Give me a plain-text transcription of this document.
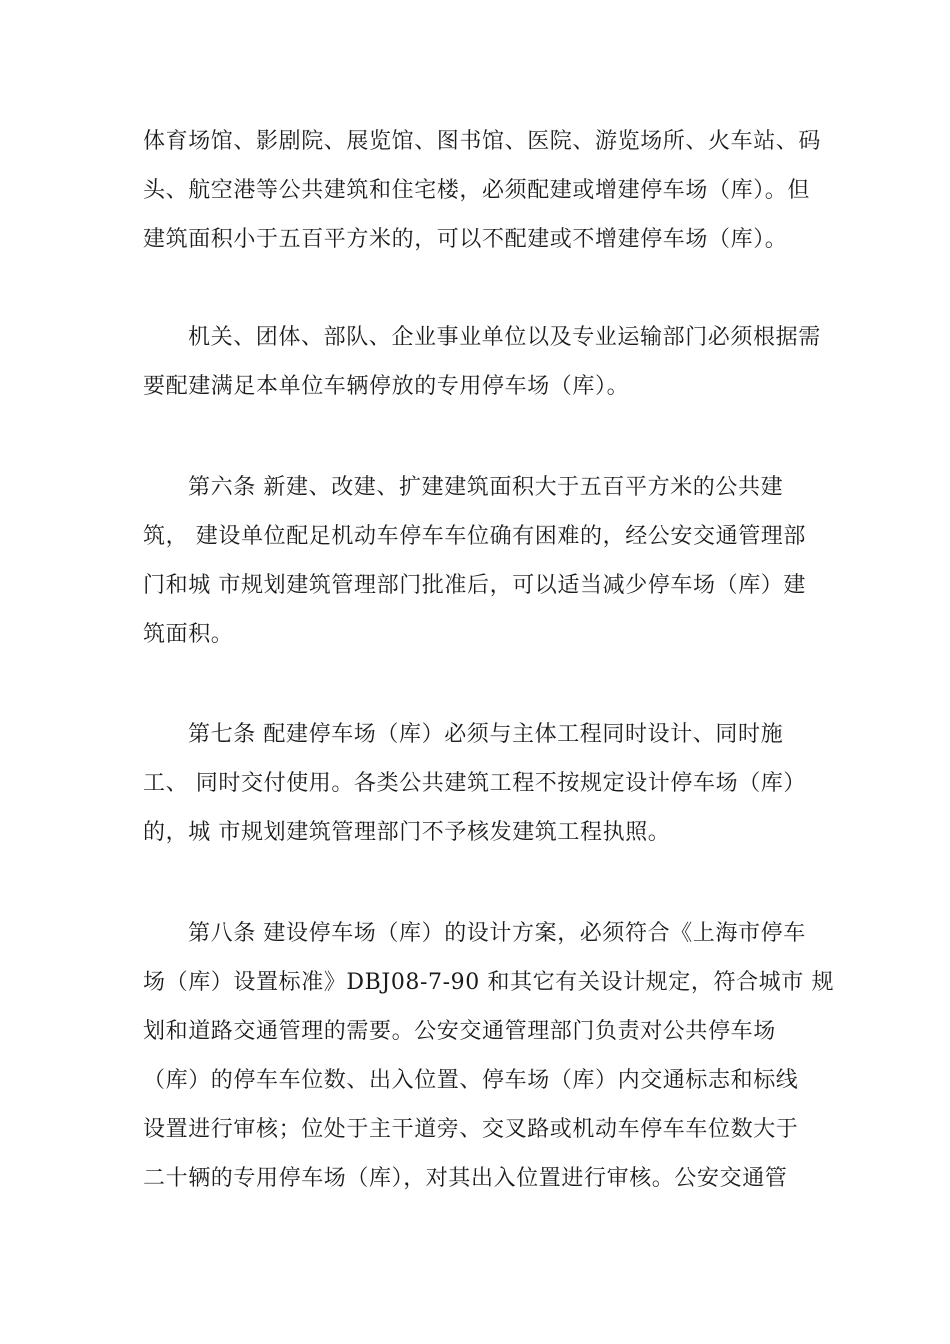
体育场馆、影剧院、展览馆、图书馆、医院、游览场所、火车站、码
头、航空港等公共建筑和住宅楼，必须配建或增建停车场（库）。但
建筑面积小于五百平方米的，可以不配建或不增建停车场（库）。
机关、团体、部队、企业事业单位以及专业运输部门必须根据需
要配建满足本单位车辆停放的专用停车场（库）。
第六条 新建、改建、扩建建筑面积大于五百平方米的公共建
筑， 建设单位配足机动车停车车位确有困难的，经公安交通管理部
门和城 市规划建筑管理部门批准后，可以适当减少停车场（库）建
筑面积。
第七条 配建停车场（库）必须与主体工程同时设计、同时施
工、 同时交付使用。各类公共建筑工程不按规定设计停车场（库）
的，城 市规划建筑管理部门不予核发建筑工程执照。
第八条 建设停车场（库）的设计方案，必须符合《上海市停车
场（库）设置标准》DBJ08-7-90 和其它有关设计规定，符合城市 规
划和道路交通管理的需要。公安交通管理部门负责对公共停车场
（库）的停车车位数、出入位置、停车场（库）内交通标志和标线
设置进行审核；位处于主干道旁、交叉路或机动车停车车位数大于
二十辆的专用停车场（库），对其出入位置进行审核。公安交通管
